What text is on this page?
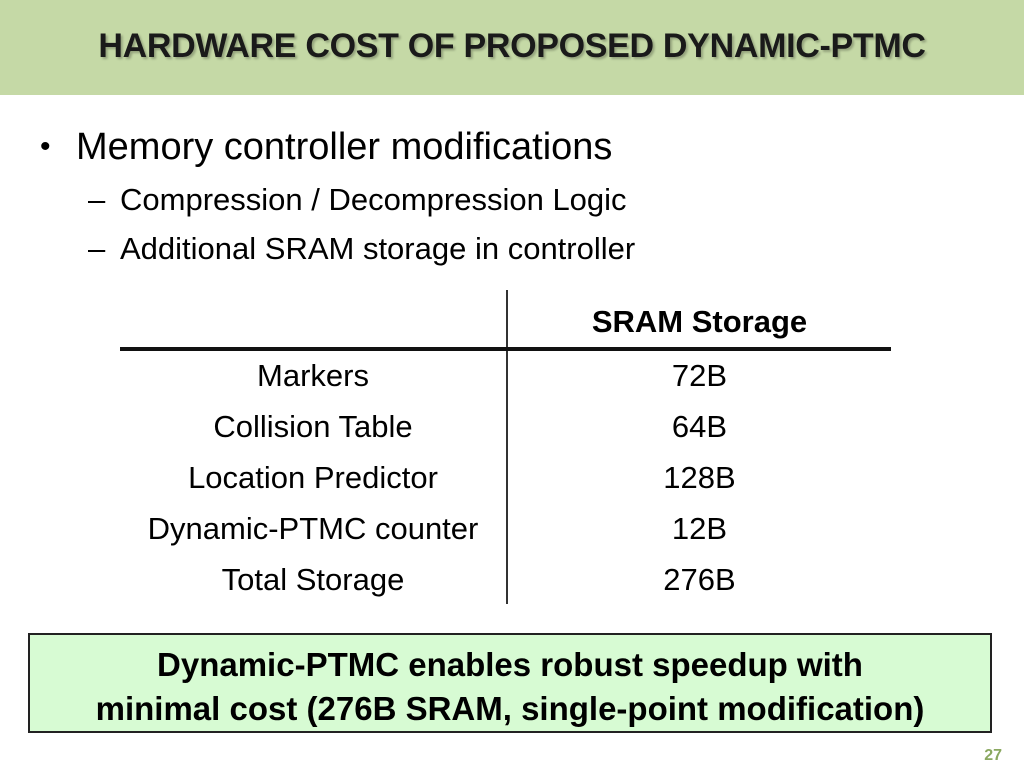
HARDWARE COST OF PROPOSED DYNAMIC-PTMC
• Memory controller modifications
– Compression / Decompression Logic
– Additional SRAM storage in controller
SRAM Storage
Markers	72B
Collision Table	64B
Location Predictor	128B
Dynamic-PTMC counter	12B
Total Storage	276B
Dynamic-PTMC enables robust speedup with
minimal cost (276B SRAM, single-point modification)
27
